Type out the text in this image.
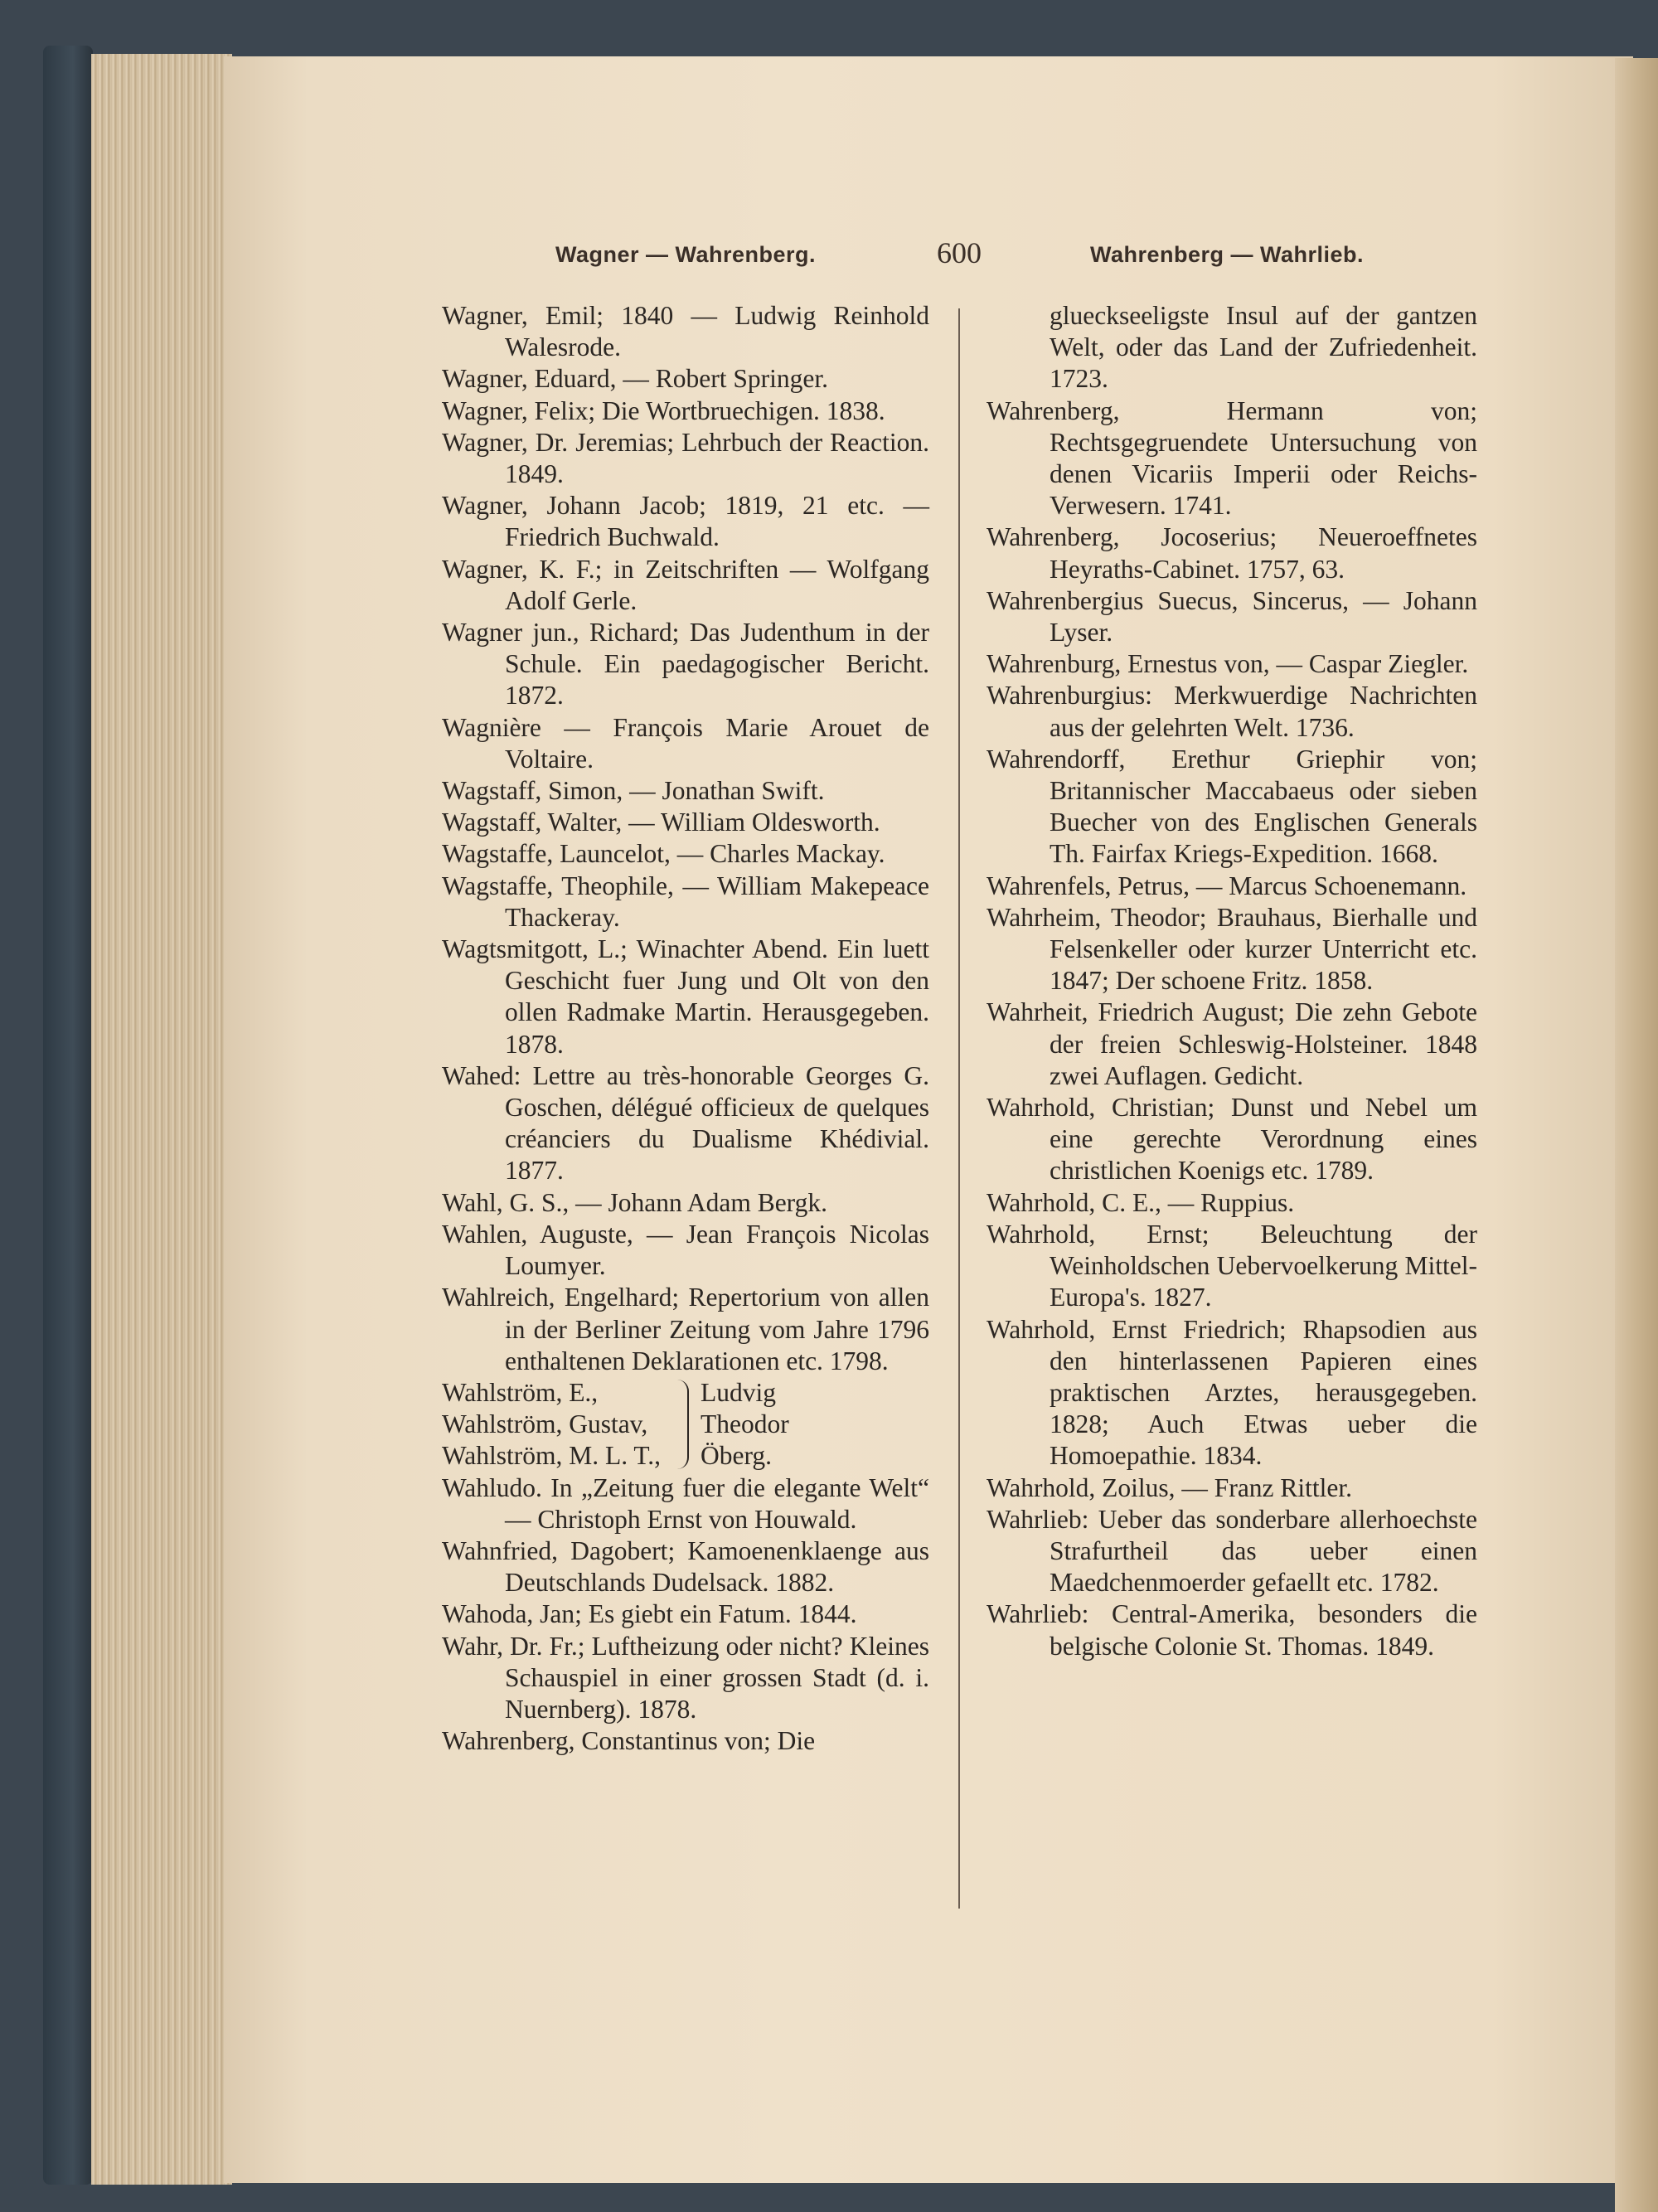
Wagner — Wahrenberg.	600	Wahrenberg — Wahrlieb.

Wagner, Emil; 1840 — Ludwig Reinhold Walesrode.

Wagner, Eduard, — Robert Springer.

Wagner, Felix; Die Wortbruechigen. 1838.

Wagner, Dr. Jeremias; Lehrbuch der Reaction. 1849.

Wagner, Johann Jacob; 1819, 21 etc. — Friedrich Buchwald.

Wagner, K. F.; in Zeitschriften — Wolfgang Adolf Gerle.

Wagner jun., Richard; Das Judenthum in der Schule. Ein paedagogischer Bericht. 1872.

Wagnière — François Marie Arouet de Voltaire.

Wagstaff, Simon, — Jonathan Swift.

Wagstaff, Walter, — William Oldesworth.

Wagstaffe, Launcelot, — Charles Mackay.

Wagstaffe, Theophile, — William Makepeace Thackeray.

Wagtsmitgott, L.; Winachter Abend. Ein luett Geschicht fuer Jung und Olt von den ollen Radmake Martin. Herausgegeben. 1878.

Wahed: Lettre au très-honorable Georges G. Goschen, délégué officieux de quelques créanciers du Dualisme Khédivial. 1877.

Wahl, G. S., — Johann Adam Bergk.

Wahlen, Auguste, — Jean François Nicolas Loumyer.

Wahlreich, Engelhard; Repertorium von allen in der Berliner Zeitung vom Jahre 1796 enthaltenen Deklarationen etc. 1798.

Wahlström, E.,
Wahlström, Gustav,
Wahlström, M. L. T.,
Ludvig
Theodor
Öberg.

Wahludo. In „Zeitung fuer die elegante Welt“ — Christoph Ernst von Houwald.

Wahnfried, Dagobert; Kamoenenklaenge aus Deutschlands Dudelsack. 1882.

Wahoda, Jan; Es giebt ein Fatum. 1844.

Wahr, Dr. Fr.; Luftheizung oder nicht? Kleines Schauspiel in einer grossen Stadt (d. i. Nuernberg). 1878.

Wahrenberg, Constantinus von; Die

glueckseeligste Insul auf der gantzen Welt, oder das Land der Zufriedenheit. 1723.

Wahrenberg, Hermann von; Rechtsgegruendete Untersuchung von denen Vicariis Imperii oder Reichs-Verwesern. 1741.

Wahrenberg, Jocoserius; Neueroeffnetes Heyraths-Cabinet. 1757, 63.

Wahrenbergius Suecus, Sincerus, — Johann Lyser.

Wahrenburg, Ernestus von, — Caspar Ziegler.

Wahrenburgius: Merkwuerdige Nachrichten aus der gelehrten Welt. 1736.

Wahrendorff, Erethur Griephir von; Britannischer Maccabaeus oder sieben Buecher von des Englischen Generals Th. Fairfax Kriegs-Expedition. 1668.

Wahrenfels, Petrus, — Marcus Schoenemann.

Wahrheim, Theodor; Brauhaus, Bierhalle und Felsenkeller oder kurzer Unterricht etc. 1847; Der schoene Fritz. 1858.

Wahrheit, Friedrich August; Die zehn Gebote der freien Schleswig-Holsteiner. 1848 zwei Auflagen. Gedicht.

Wahrhold, Christian; Dunst und Nebel um eine gerechte Verordnung eines christlichen Koenigs etc. 1789.

Wahrhold, C. E., — Ruppius.

Wahrhold, Ernst; Beleuchtung der Weinholdschen Uebervoelkerung Mittel-Europa's. 1827.

Wahrhold, Ernst Friedrich; Rhapsodien aus den hinterlassenen Papieren eines praktischen Arztes, herausgegeben. 1828; Auch Etwas ueber die Homoepathie. 1834.

Wahrhold, Zoilus, — Franz Rittler.

Wahrlieb: Ueber das sonderbare allerhoechste Strafurtheil das ueber einen Maedchenmoerder gefaellt etc. 1782.

Wahrlieb: Central-Amerika, besonders die belgische Colonie St. Thomas. 1849.
